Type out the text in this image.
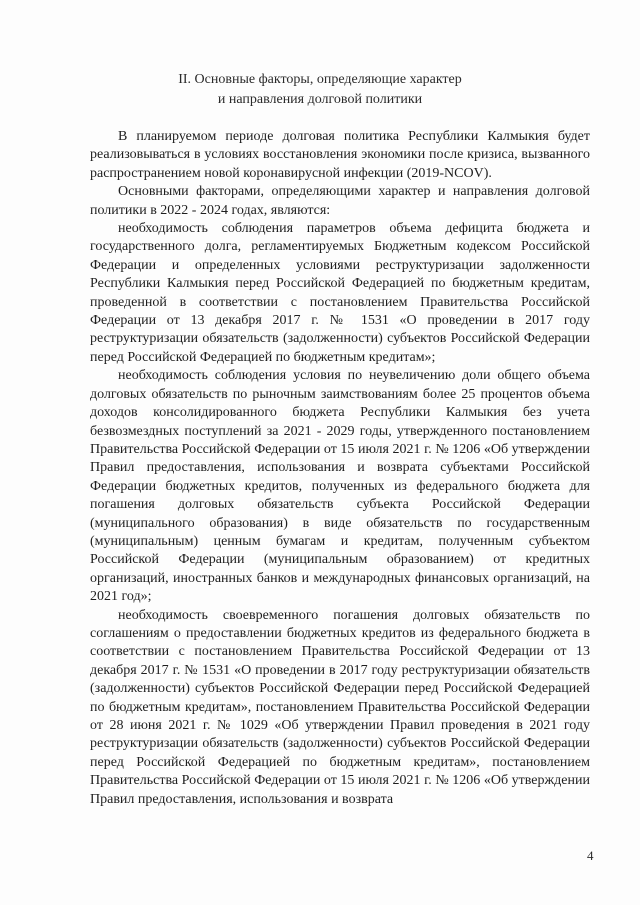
II. Основные факторы, определяющие характер
и направления долговой политики

В планируемом периоде долговая политика Республики Калмыкия будет реализовываться в условиях восстановления экономики после кризиса, вызванного распространением новой коронавирусной инфекции (2019-NCOV).

Основными факторами, определяющими характер и направления долговой политики в 2022 - 2024 годах, являются:

необходимость соблюдения параметров объема дефицита бюджета и государственного долга, регламентируемых Бюджетным кодексом Российской Федерации и определенных условиями реструктуризации задолженности Республики Калмыкия перед Российской Федерацией по бюджетным кредитам, проведенной в соответствии с постановлением Правительства Российской Федерации от 13 декабря 2017 г. № 1531 «О проведении в 2017 году реструктуризации обязательств (задолженности) субъектов Российской Федерации перед Российской Федерацией по бюджетным кредитам»;

необходимость соблюдения условия по неувеличению доли общего объема долговых обязательств по рыночным заимствованиям более 25 процентов объема доходов консолидированного бюджета Республики Калмыкия без учета безвозмездных поступлений за 2021 - 2029 годы, утвержденного постановлением Правительства Российской Федерации от 15 июля 2021 г. № 1206 «Об утверждении Правил предоставления, использования и возврата субъектами Российской Федерации бюджетных кредитов, полученных из федерального бюджета для погашения долговых обязательств субъекта Российской Федерации (муниципального образования) в виде обязательств по государственным (муниципальным) ценным бумагам и кредитам, полученным субъектом Российской Федерации (муниципальным образованием) от кредитных организаций, иностранных банков и международных финансовых организаций, на 2021 год»;

необходимость своевременного погашения долговых обязательств по соглашениям о предоставлении бюджетных кредитов из федерального бюджета в соответствии с постановлением Правительства Российской Федерации от 13 декабря 2017 г. № 1531 «О проведении в 2017 году реструктуризации обязательств (задолженности) субъектов Российской Федерации перед Российской Федерацией по бюджетным кредитам», постановлением Правительства Российской Федерации от 28 июня 2021 г. № 1029 «Об утверждении Правил проведения в 2021 году реструктуризации обязательств (задолженности) субъектов Российской Федерации перед Российской Федерацией по бюджетным кредитам», постановлением Правительства Российской Федерации от 15 июля 2021 г. № 1206 «Об утверждении Правил предоставления, использования и возврата

4
